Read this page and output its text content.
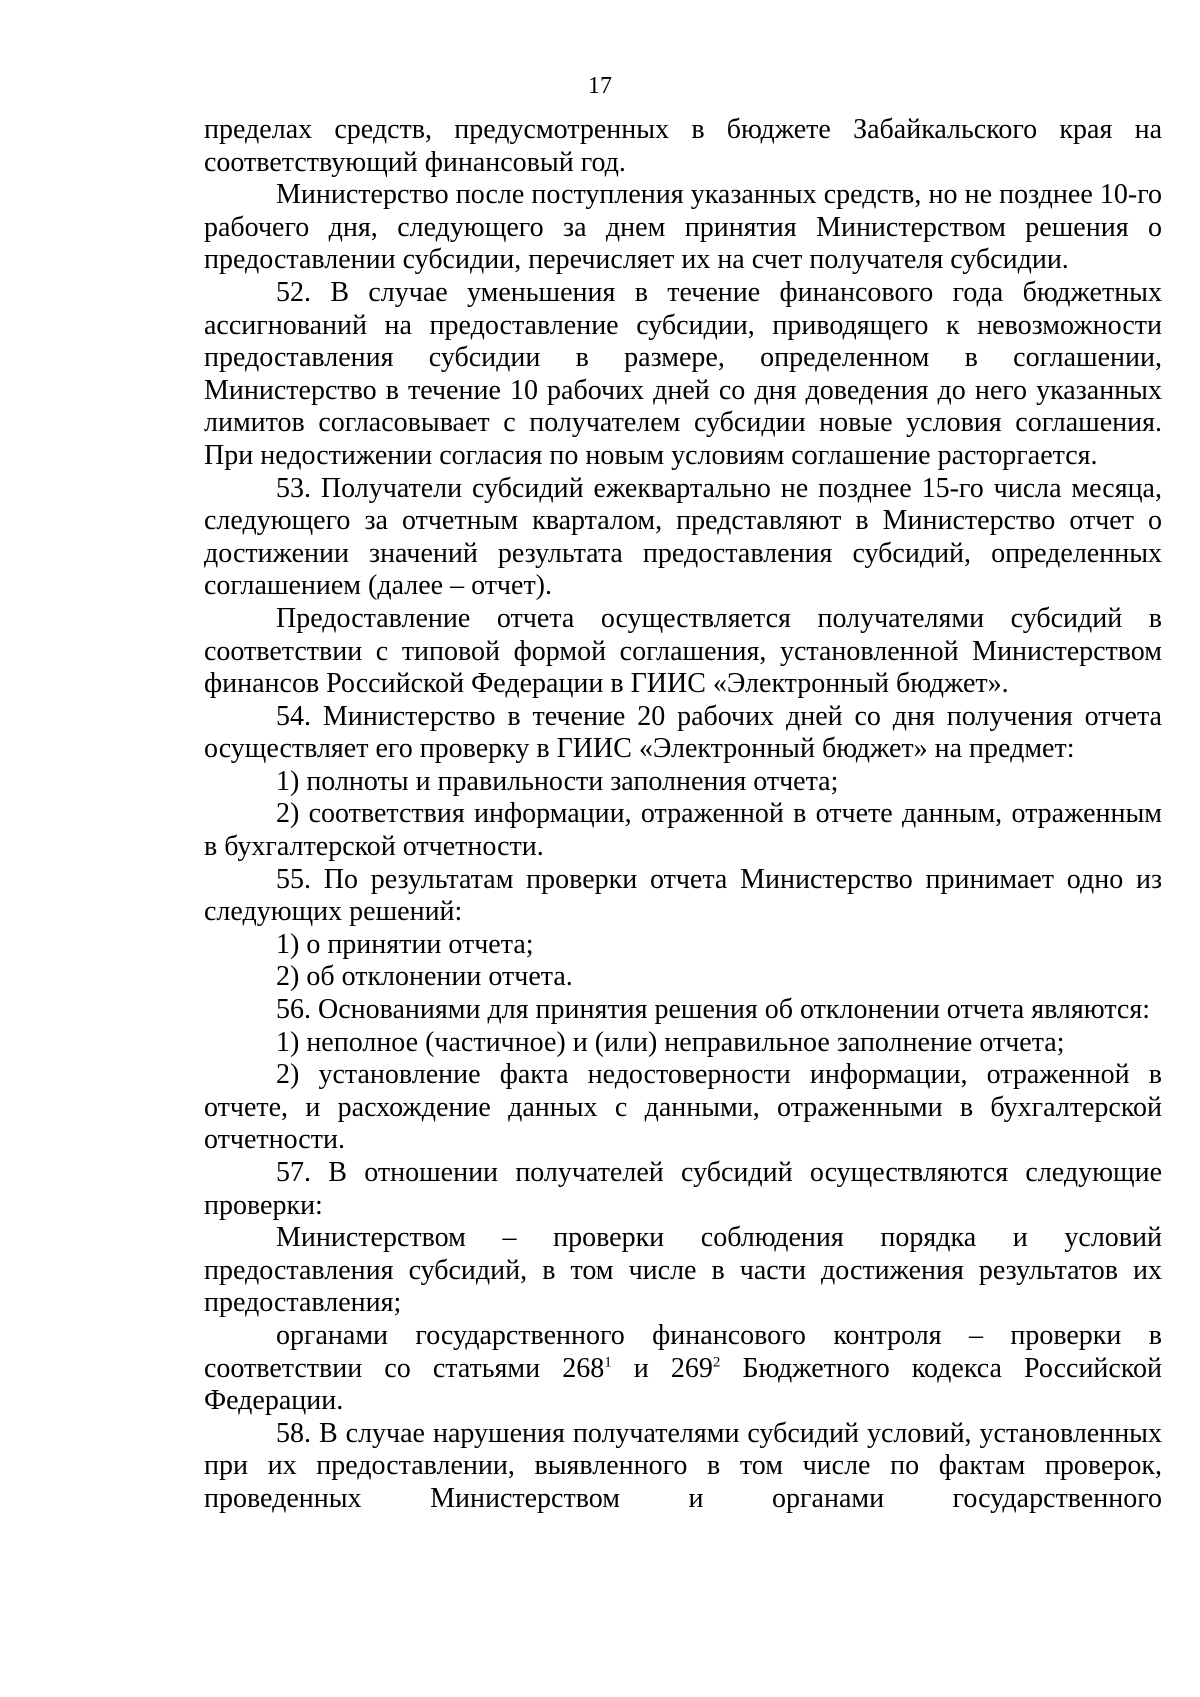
17

пределах средств, предусмотренных в бюджете Забайкальского края на соответствующий финансовый год.

Министерство после поступления указанных средств, но не позднее 10-го рабочего дня, следующего за днем принятия Министерством решения о предоставлении субсидии, перечисляет их на счет получателя субсидии.

52. В случае уменьшения в течение финансового года бюджетных ассигнований на предоставление субсидии, приводящего к невозможности предоставления субсидии в размере, определенном в соглашении, Министерство в течение 10 рабочих дней со дня доведения до него указанных лимитов согласовывает с получателем субсидии новые условия соглашения. При недостижении согласия по новым условиям соглашение расторгается.

53. Получатели субсидий ежеквартально не позднее 15-го числа месяца, следующего за отчетным кварталом, представляют в Министерство отчет о достижении значений результата предоставления субсидий, определенных соглашением (далее – отчет).

Предоставление отчета осуществляется получателями субсидий в соответствии с типовой формой соглашения, установленной Министерством финансов Российской Федерации в ГИИС «Электронный бюджет».

54. Министерство в течение 20 рабочих дней со дня получения отчета осуществляет его проверку в ГИИС «Электронный бюджет» на предмет:

1) полноты и правильности заполнения отчета;

2) соответствия информации, отраженной в отчете данным, отраженным в бухгалтерской отчетности.

55. По результатам проверки отчета Министерство принимает одно из следующих решений:

1) о принятии отчета;

2) об отклонении отчета.

56. Основаниями для принятия решения об отклонении отчета являются:

1) неполное (частичное) и (или) неправильное заполнение отчета;

2) установление факта недостоверности информации, отраженной в отчете, и расхождение данных с данными, отраженными в бухгалтерской отчетности.

57. В отношении получателей субсидий осуществляются следующие проверки:

Министерством – проверки соблюдения порядка и условий предоставления субсидий, в том числе в части достижения результатов их предоставления;

органами государственного финансового контроля – проверки в соответствии со статьями $268^1$ и $269^2$ Бюджетного кодекса Российской Федерации.

58. В случае нарушения получателями субсидий условий, установленных при их предоставлении, выявленного в том числе по фактам проверок, проведенных Министерством и органами государственного
